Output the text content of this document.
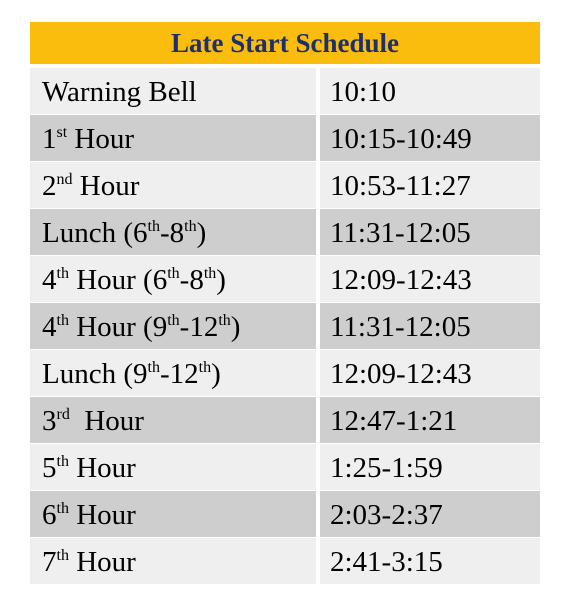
Late Start Schedule
Warning Bell	10:10
1st Hour	10:15-10:49
2nd Hour	10:53-11:27
Lunch (6th-8th)	11:31-12:05
4th Hour (6th-8th)	12:09-12:43
4th Hour (9th-12th)	11:31-12:05
Lunch (9th-12th)	12:09-12:43
3rd  Hour	12:47-1:21
5th Hour	1:25-1:59
6th Hour	2:03-2:37
7th Hour	2:41-3:15
